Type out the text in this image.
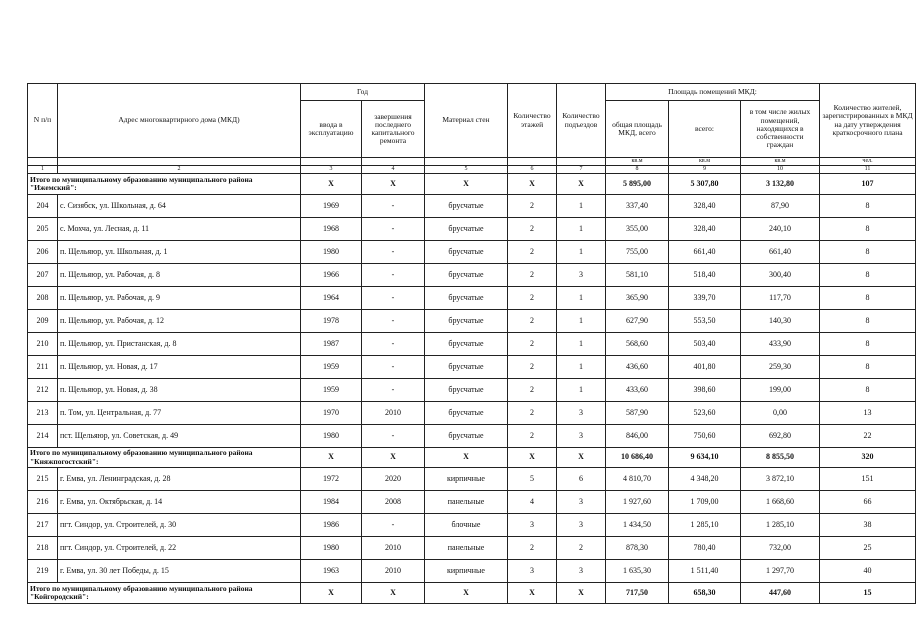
N п/п	Адрес многоквартирного дома (МКД)	Год		Материал стен	Количество этажей	Количество подъездов	Площадь помещений МКД:			Количество жителей, зарегистрированных в МКД на дату утверждения краткосрочного плана
		ввода в эксплуатацию	завершения последнего капитального ремонта				общая площадь МКД, всего	всего:	в том числе жилых помещений, находящихся в собственности граждан	
							кв.м	кв.м	кв.м	чел.
1	2	3	4	5	6	7	8	9	10	11
Итого по муниципальному образованию муниципального района "Ижемский":		X	X	X	X	X	5 895,00	5 307,80	3 132,80	107
204	с. Сизябск, ул. Школьная, д. 64	1969	-	брусчатые	2	1	337,40	328,40	87,90	8
205	с. Мохча, ул. Лесная, д. 11	1968	-	брусчатые	2	1	355,00	328,40	240,10	8
206	п. Щельяюр, ул. Школьная, д. 1	1980	-	брусчатые	2	1	755,00	661,40	661,40	8
207	п. Щельяюр, ул. Рабочая, д. 8	1966	-	брусчатые	2	3	581,10	518,40	300,40	8
208	п. Щельяюр, ул. Рабочая, д. 9	1964	-	брусчатые	2	1	365,90	339,70	117,70	8
209	п. Щельяюр, ул. Рабочая, д. 12	1978	-	брусчатые	2	1	627,90	553,50	140,30	8
210	п. Щельяюр, ул. Пристанская, д. 8	1987	-	брусчатые	2	1	568,60	503,40	433,90	8
211	п. Щельяюр, ул. Новая, д. 17	1959	-	брусчатые	2	1	436,60	401,80	259,30	8
212	п. Щельяюр, ул. Новая, д. 38	1959	-	брусчатые	2	1	433,60	398,60	199,00	8
213	п. Том, ул. Центральная, д. 77	1970	2010	брусчатые	2	3	587,90	523,60	0,00	13
214	пст. Щельяюр, ул. Советская, д. 49	1980	-	брусчатые	2	3	846,00	750,60	692,80	22
Итого по муниципальному образованию муниципального района "Княжпогостский":		X	X	X	X	X	10 686,40	9 634,10	8 855,50	320
215	г. Емва, ул. Ленинградская, д. 28	1972	2020	кирпичные	5	6	4 810,70	4 348,20	3 872,10	151
216	г. Емва, ул. Октябрьская, д. 14	1984	2008	панельные	4	3	1 927,60	1 709,00	1 668,60	66
217	пгт. Синдор, ул. Строителей, д. 30	1986	-	блочные	3	3	1 434,50	1 285,10	1 285,10	38
218	пгт. Синдор, ул. Строителей, д. 22	1980	2010	панельные	2	2	878,30	780,40	732,00	25
219	г. Емва, ул. 30 лет Победы, д. 15	1963	2010	кирпичные	3	3	1 635,30	1 511,40	1 297,70	40
Итого по муниципальному образованию муниципального района "Койгородский":		X	X	X	X	X	717,50	658,30	447,60	15
